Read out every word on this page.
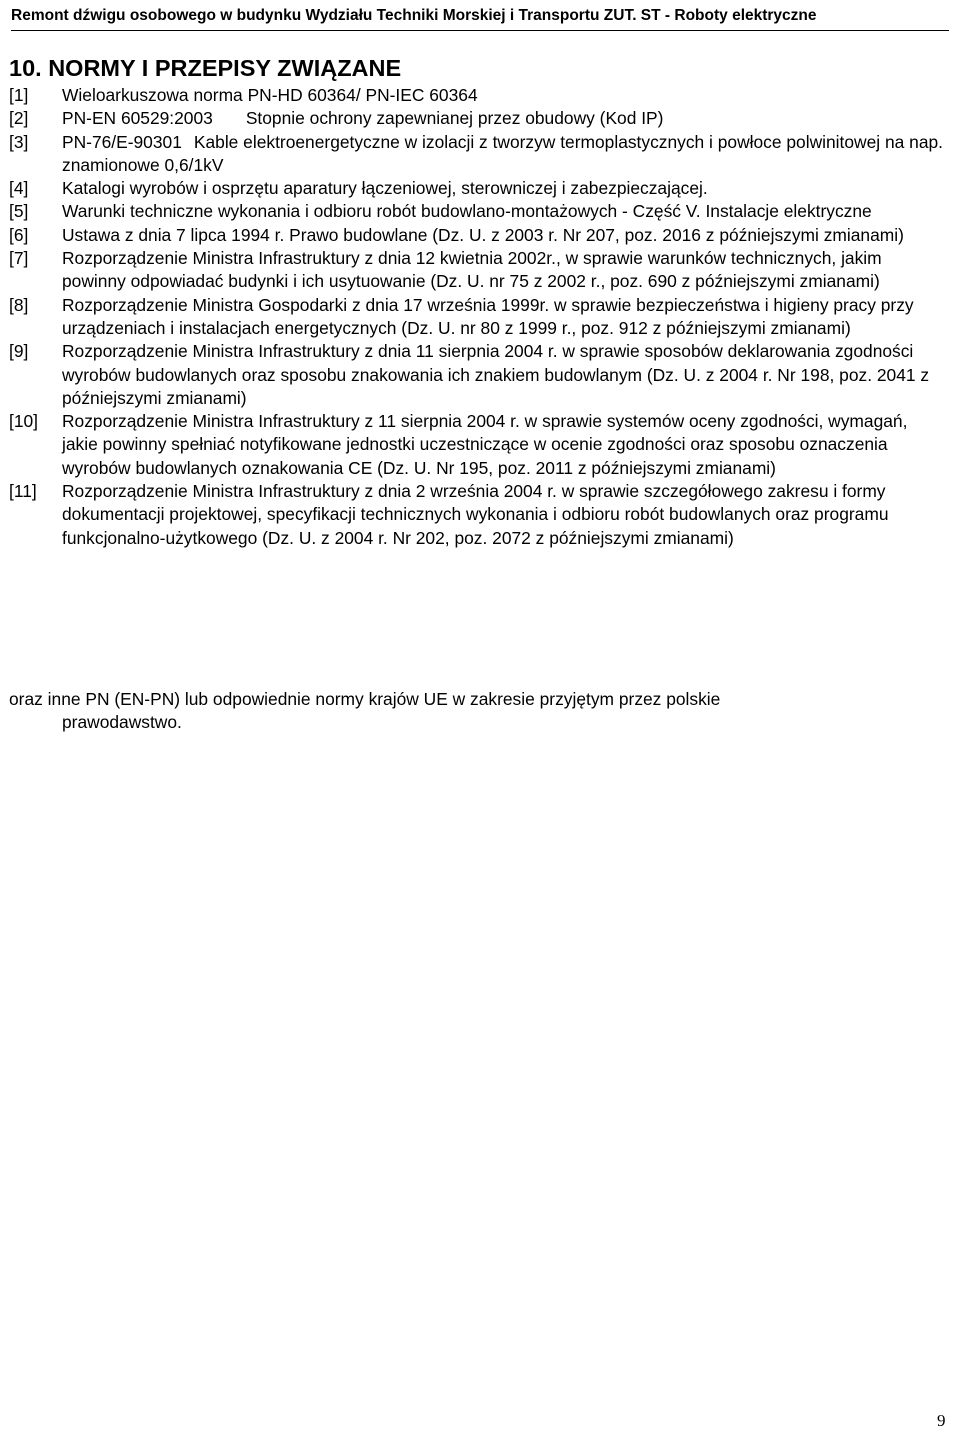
Remont dźwigu osobowego w budynku Wydziału Techniki Morskiej i Transportu ZUT. ST - Roboty elektryczne
10. NORMY I PRZEPISY ZWIĄZANE
[1] Wieloarkuszowa norma PN-HD 60364/ PN-IEC 60364
[2] PN-EN 60529:2003 Stopnie ochrony zapewnianej przez obudowy (Kod IP)
[3] PN-76/E-90301 Kable elektroenergetyczne w izolacji z tworzyw termoplastycznych i powłoce polwinitowej na nap. znamionowe 0,6/1kV
[4] Katalogi wyrobów i osprzętu aparatury łączeniowej, sterowniczej i zabezpieczającej.
[5] Warunki techniczne wykonania i odbioru robót budowlano-montażowych - Część V. Instalacje elektryczne
[6] Ustawa z dnia 7 lipca 1994 r. Prawo budowlane (Dz. U. z 2003 r. Nr 207, poz. 2016 z późniejszymi zmianami)
[7] Rozporządzenie Ministra Infrastruktury z dnia 12 kwietnia 2002r., w sprawie warunków technicznych, jakim powinny odpowiadać budynki i ich usytuowanie (Dz. U. nr 75 z 2002 r., poz. 690 z późniejszymi zmianami)
[8] Rozporządzenie Ministra Gospodarki z dnia 17 września 1999r. w sprawie bezpieczeństwa i higieny pracy przy urządzeniach i instalacjach energetycznych (Dz. U. nr 80 z 1999 r., poz. 912 z późniejszymi zmianami)
[9] Rozporządzenie Ministra Infrastruktury z dnia 11 sierpnia 2004 r. w sprawie sposobów deklarowania zgodności wyrobów budowlanych oraz sposobu znakowania ich znakiem budowlanym (Dz. U. z 2004 r. Nr 198, poz. 2041 z późniejszymi zmianami)
[10] Rozporządzenie Ministra Infrastruktury z 11 sierpnia 2004 r. w sprawie systemów oceny zgodności, wymagań, jakie powinny spełniać notyfikowane jednostki uczestniczące w ocenie zgodności oraz sposobu oznaczenia wyrobów budowlanych oznakowania CE (Dz. U. Nr 195, poz. 2011 z późniejszymi zmianami)
[11] Rozporządzenie Ministra Infrastruktury z dnia 2 września 2004 r. w sprawie szczegółowego zakresu i formy dokumentacji projektowej, specyfikacji technicznych wykonania i odbioru robót budowlanych oraz programu funkcjonalno-użytkowego (Dz. U. z 2004 r. Nr 202, poz. 2072 z późniejszymi zmianami)
oraz inne PN (EN-PN) lub odpowiednie normy krajów UE w zakresie przyjętym przez polskie
prawodawstwo.
9
